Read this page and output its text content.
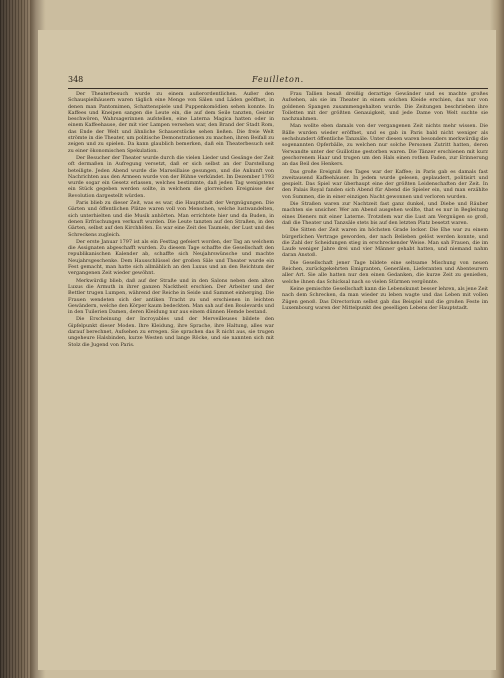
348	Feuilleton.

Der Theaterbesuch wurde zu einem außerordentlichen. Außer den Schauspielhäusern waren täglich eine Menge von Sälen und Läden geöffnet, in denen man Pantomimen, Schattenspiele und Puppenkomödien sehen konnte. In Kaffees und Kneipen sangen die Leute ein, die auf dem Seile tanzten, Geister beschwören, Wahrsagerinnen aufstellen, eine Laterna Magica hatten oder in einem Kaffeehause, der mit vier Lampen versehen war, den Brand der Stadt Rom, das Ende der Welt und ähnliche Schauerstücke sehen ließen. Die freie Welt strömte in die Theater, um politische Demonstrationen zu machen, ihren Beifall zu zeigen und zu spielen. Da kann glaublich bemerken, daß ein Theaterbesuch seit zu einer ökonomischen Spekulation.

Der Besucher der Theater wurde durch die vielen Lieder und Gesänge der Zeit oft dermaßen in Aufregung versetzt, daß er sich selbst an der Darstellung beteiligte. Jeden Abend wurde die Marseillaise gesungen, und die Ankunft von Nachrichten aus den Armeen wurde von der Bühne verkündet. Im Dezember 1793 wurde sogar ein Gesetz erlassen, welches bestimmte, daß jeden Tag wenigstens ein Stück gegeben werden sollte, in welchem die glorreichen Ereignisse der Revolution dargestellt würden.

Paris blieb zu dieser Zeit, was es war, die Hauptstadt der Vergnügungen. Die Gärten und öffentlichen Plätze waren voll von Menschen, welche lustwandelten, sich unterhielten und die Musik anhörten. Man errichtete hier und da Buden, in denen Erfrischungen verkauft wurden. Die Leute tanzten auf den Straßen, in den Gärten, selbst auf den Kirchhöfen. Es war eine Zeit des Taumels, der Lust und des Schreckens zugleich.

Der erste Januar 1797 ist als ein Festtag gefeiert worden, der Tag an welchem die Assignaten abgeschafft wurden. Zu diesem Tage schaffte die Gesellschaft den republikanischen Kalender ab, schaffte sich Neujahrswünsche und machte Neujahrsgeschenke. Dem Hausschlüssel der großen Säle und Theater wurde ein Fest gemacht, man hatte sich allmählich an den Luxus und an den Reichtum der vergangenen Zeit wieder gewöhnt.

Merkwürdig blieb, daß auf der Straße und in den Salons neben dem alten Luxus die Armuth in ihrer ganzen Nacktheit erschien. Der Arbeiter und der Bettler trugen Lumpen, während der Reiche in Seide und Sammet einherging. Die Frauen wendeten sich der antiken Tracht zu und erschienen in leichten Gewändern, welche den Körper kaum bedeckten. Man sah auf den Boulevards und in den Tuilerien Damen, deren Kleidung nur aus einem dünnen Hemde bestand.

Die Erscheinung der Incroyables und der Merveilleuses bildete den Gipfelpunkt dieser Moden. Ihre Kleidung, ihre Sprache, ihre Haltung, alles war darauf berechnet, Aufsehen zu erregen. Sie sprachen das R nicht aus, sie trugen ungeheure Halsbinden, kurze Westen und lange Röcke, und sie nannten sich mit Stolz die Jugend von Paris.

Frau Tallien besaß dreißig derartige Gewänder und es machte großes Aufsehen, als sie im Theater in einem solchen Kleide erschien, das nur von goldenen Spangen zusammengehalten wurde. Die Zeitungen beschrieben ihre Toiletten mit der größten Genauigkeit, und jede Dame von Welt suchte sie nachzuahmen.

Man wollte eben damals von der vergangenen Zeit nichts mehr wissen. Die Bälle wurden wieder eröffnet, und es gab in Paris bald nicht weniger als sechshundert öffentliche Tanzsäle. Unter diesen waren besonders merkwürdig die sogenannten Opferbälle, zu welchen nur solche Personen Zutritt hatten, deren Verwandte unter der Guillotine gestorben waren. Die Tänzer erschienen mit kurz geschorenem Haar und trugen um den Hals einen rothen Faden, zur Erinnerung an das Beil des Henkers.

Das große Ereigniß des Tages war der Kaffee; in Paris gab es damals fast zweitausend Kaffeehäuser. In jedem wurde gelesen, geplaudert, politisirt und gespielt. Das Spiel war überhaupt eine der größten Leidenschaften der Zeit. In den Palais Royal fanden sich Abend für Abend die Spieler ein, und man erzählte von Summen, die in einer einzigen Nacht gewonnen und verloren wurden.

Die Straßen waren zur Nachtzeit fast ganz dunkel, und Diebe und Räuber machten sie unsicher. Wer am Abend ausgehen wollte, that es nur in Begleitung eines Dieners mit einer Laterne. Trotzdem war die Lust am Vergnügen so groß, daß die Theater und Tanzsäle stets bis auf den letzten Platz besetzt waren.

Die Sitten der Zeit waren im höchsten Grade locker. Die Ehe war zu einem bürgerlichen Vertrage geworden, der nach Belieben gelöst werden konnte, und die Zahl der Scheidungen stieg in erschreckender Weise. Man sah Frauen, die im Laufe weniger Jahre drei und vier Männer gehabt hatten, und niemand nahm daran Anstoß.

Die Gesellschaft jener Tage bildete eine seltsame Mischung von neuen Reichen, zurückgekehrten Emigranten, Generälen, Lieferanten und Abenteurern aller Art. Sie alle hatten nur den einen Gedanken, die kurze Zeit zu genießen, welche ihnen das Schicksal nach so vielen Stürmen vergönnte.

Keine gemischte Gesellschaft kann die Lebenskunst besser lehren, als jene Zeit nach dem Schrecken, da man wieder zu leben wagte und das Leben mit vollen Zügen genoß. Das Directorium selbst gab das Beispiel und die großen Feste im Luxembourg waren der Mittelpunkt des geselligen Lebens der Hauptstadt.
